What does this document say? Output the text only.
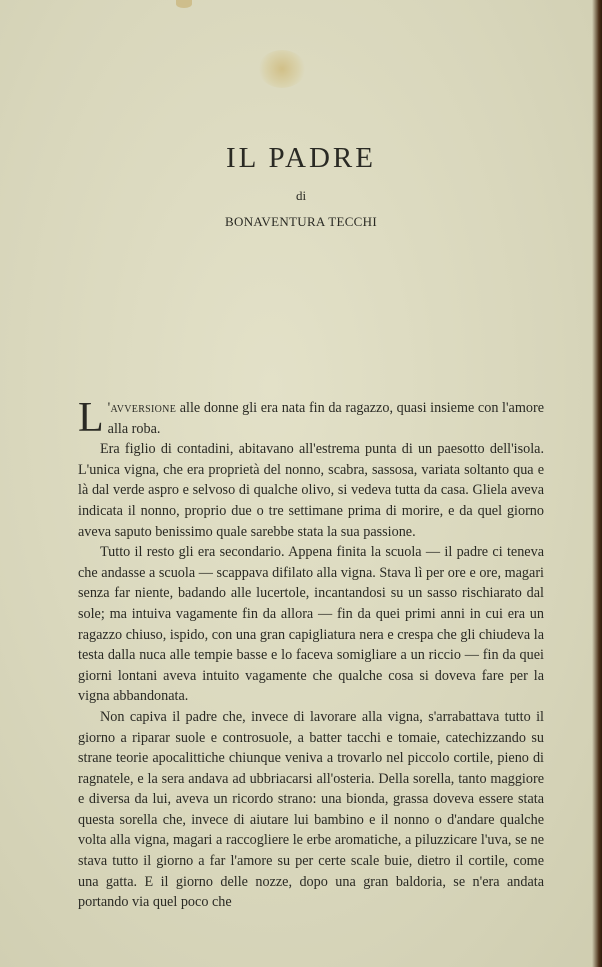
IL PADRE
di
BONAVENTURA TECCHI

L 'avversione alle donne gli era nata fin da ragazzo, quasi insieme con l'amore alla roba.

Era figlio di contadini, abitavano all'estrema punta di un paesotto dell'isola. L'unica vigna, che era proprietà del nonno, scabra, sassosa, variata soltanto qua e là dal verde aspro e selvoso di qualche olivo, si vedeva tutta da casa. Gliela aveva indicata il nonno, proprio due o tre settimane prima di morire, e da quel giorno aveva saputo benissimo quale sarebbe stata la sua passione.

Tutto il resto gli era secondario. Appena finita la scuola — il padre ci teneva che andasse a scuola — scappava difilato alla vigna. Stava lì per ore e ore, magari senza far niente, badando alle lucertole, incantandosi su un sasso rischiarato dal sole; ma intuiva vagamente fin da allora — fin da quei primi anni in cui era un ragazzo chiuso, ispido, con una gran capigliatura nera e crespa che gli chiudeva la testa dalla nuca alle tempie basse e lo faceva somigliare a un riccio — fin da quei giorni lontani aveva intuito vagamente che qualche cosa si doveva fare per la vigna abbandonata.

Non capiva il padre che, invece di lavorare alla vigna, s'arrabattava tutto il giorno a riparar suole e controsuole, a batter tacchi e tomaie, catechizzando su strane teorie apocalittiche chiunque veniva a trovarlo nel piccolo cortile, pieno di ragnatele, e la sera andava ad ubbriacarsi all'osteria. Della sorella, tanto maggiore e diversa da lui, aveva un ricordo strano: una bionda, grassa doveva essere stata questa sorella che, invece di aiutare lui bambino e il nonno o d'andare qualche volta alla vigna, magari a raccogliere le erbe aromatiche, a piluzzicare l'uva, se ne stava tutto il giorno a far l'amore su per certe scale buie, dietro il cortile, come una gatta. E il giorno delle nozze, dopo una gran baldoria, se n'era andata portando via quel poco che
